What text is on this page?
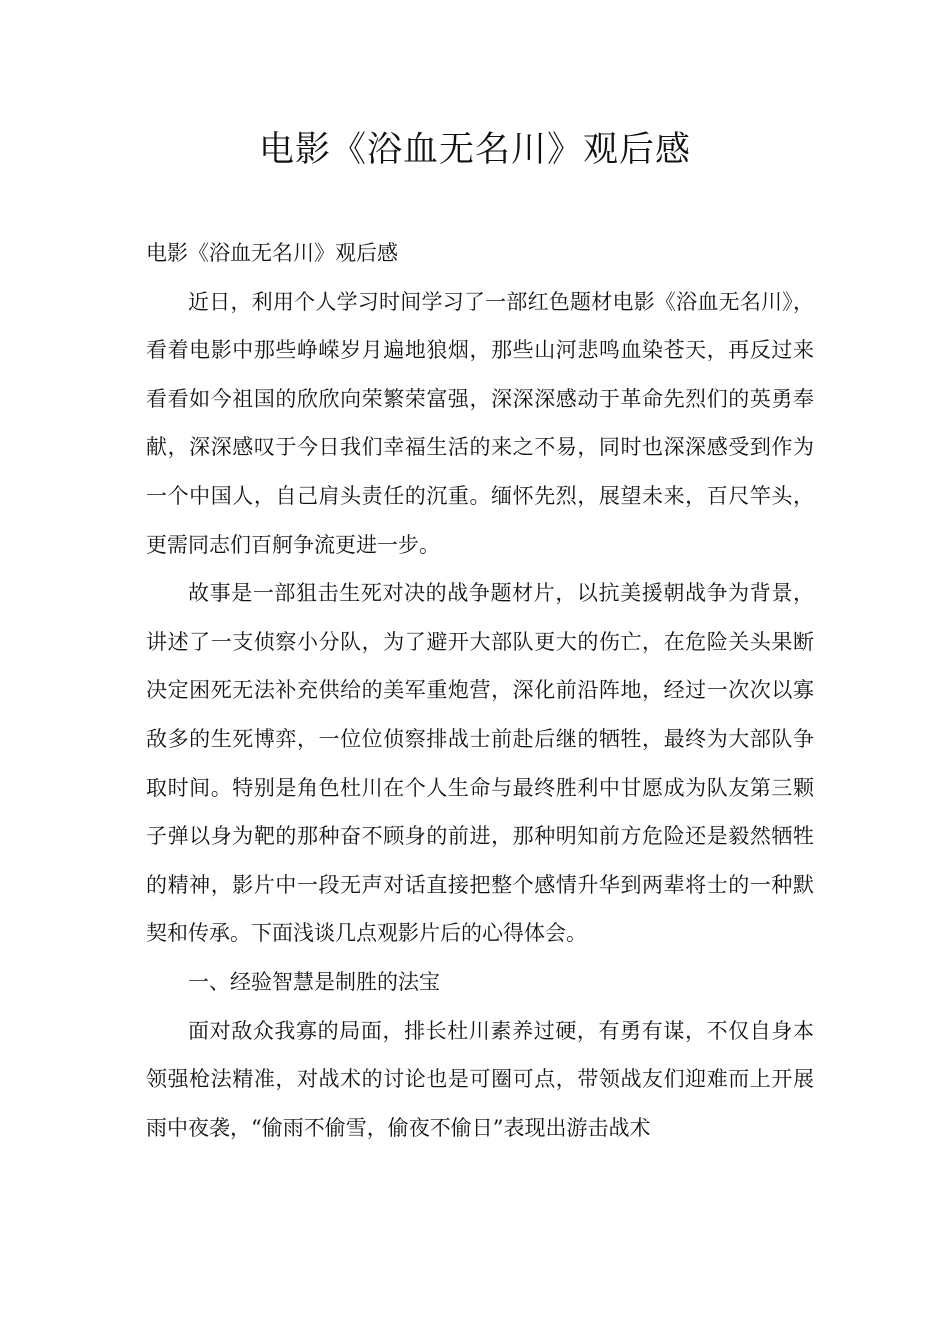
电影《浴血无名川》观后感

电影《浴血无名川》观后感

近日，利用个人学习时间学习了一部红色题材电影《浴血无名川》，看着电影中那些峥嵘岁月遍地狼烟，那些山河悲鸣血染苍天，再反过来看看如今祖国的欣欣向荣繁荣富强，深深深感动于革命先烈们的英勇奉献，深深感叹于今日我们幸福生活的来之不易，同时也深深感受到作为一个中国人，自己肩头责任的沉重。缅怀先烈，展望未来，百尺竿头，更需同志们百舸争流更进一步。

故事是一部狙击生死对决的战争题材片，以抗美援朝战争为背景，讲述了一支侦察小分队，为了避开大部队更大的伤亡，在危险关头果断决定困死无法补充供给的美军重炮营，深化前沿阵地，经过一次次以寡敌多的生死博弈，一位位侦察排战士前赴后继的牺牲，最终为大部队争取时间。特别是角色杜川在个人生命与最终胜利中甘愿成为队友第三颗子弹以身为靶的那种奋不顾身的前进，那种明知前方危险还是毅然牺牲的精神，影片中一段无声对话直接把整个感情升华到两辈将士的一种默契和传承。下面浅谈几点观影片后的心得体会。

一、经验智慧是制胜的法宝

面对敌众我寡的局面，排长杜川素养过硬，有勇有谋，不仅自身本领强枪法精准，对战术的讨论也是可圈可点，带领战友们迎难而上开展雨中夜袭，“偷雨不偷雪，偷夜不偷日”表现出游击战术
